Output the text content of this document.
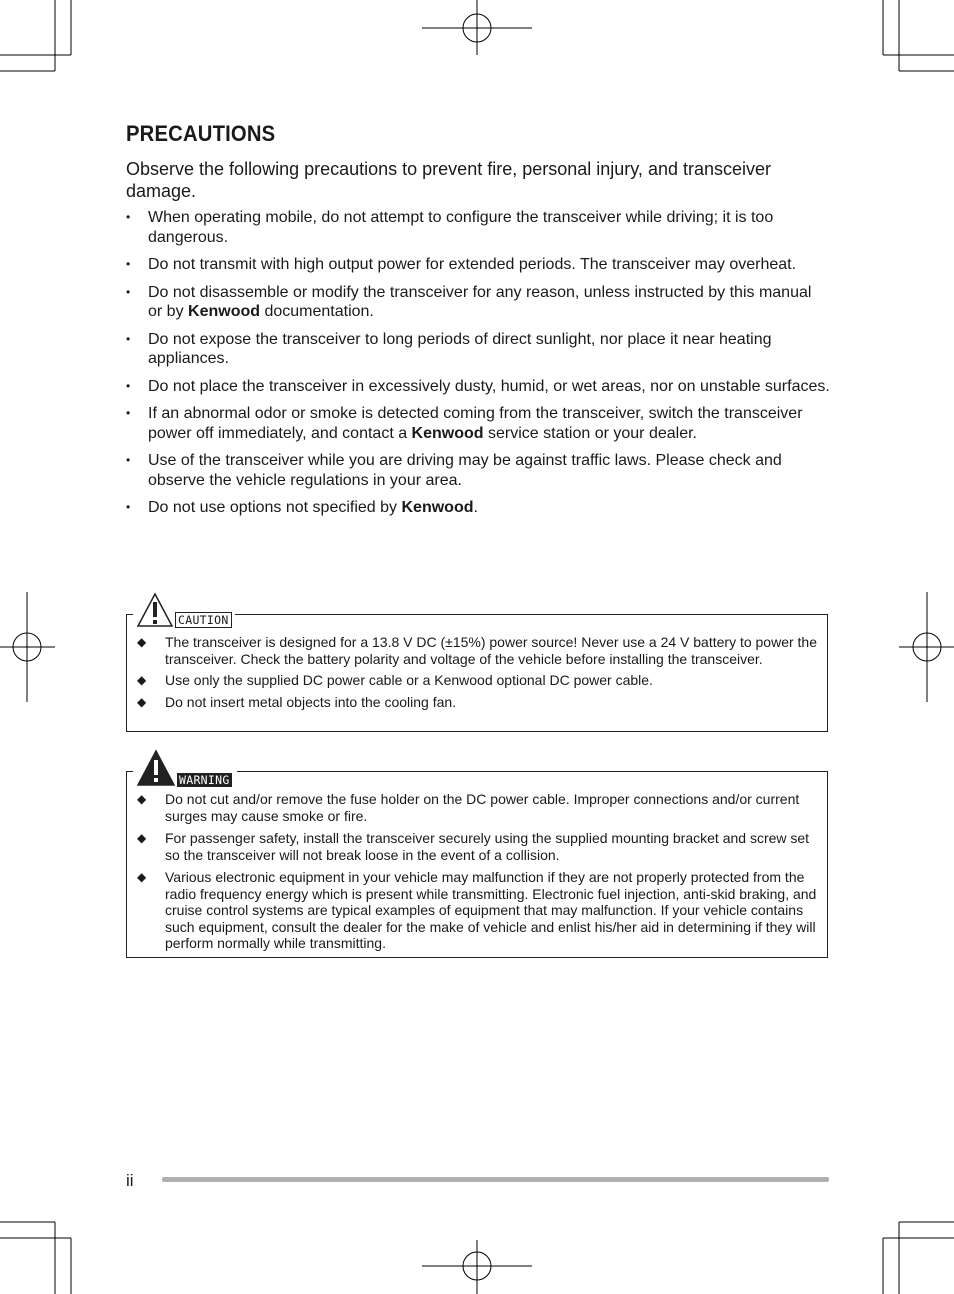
PRECAUTIONS

Observe the following precautions to prevent fire, personal injury, and transceiver damage.

• When operating mobile, do not attempt to configure the transceiver while driving; it is too dangerous.
• Do not transmit with high output power for extended periods. The transceiver may overheat.
• Do not disassemble or modify the transceiver for any reason, unless instructed by this manual or by Kenwood documentation.
• Do not expose the transceiver to long periods of direct sunlight, nor place it near heating appliances.
• Do not place the transceiver in excessively dusty, humid, or wet areas, nor on unstable surfaces.
• If an abnormal odor or smoke is detected coming from the transceiver, switch the transceiver power off immediately, and contact a Kenwood service station or your dealer.
• Use of the transceiver while you are driving may be against traffic laws. Please check and observe the vehicle regulations in your area.
• Do not use options not specified by Kenwood.
CAUTION
◆ The transceiver is designed for a 13.8 V DC (±15%) power source! Never use a 24 V battery to power the transceiver. Check the battery polarity and voltage of the vehicle before installing the transceiver.
◆ Use only the supplied DC power cable or a Kenwood optional DC power cable.
◆ Do not insert metal objects into the cooling fan.
WARNING
◆ Do not cut and/or remove the fuse holder on the DC power cable. Improper connections and/or current surges may cause smoke or fire.
◆ For passenger safety, install the transceiver securely using the supplied mounting bracket and screw set so the transceiver will not break loose in the event of a collision.
◆ Various electronic equipment in your vehicle may malfunction if they are not properly protected from the radio frequency energy which is present while transmitting. Electronic fuel injection, anti-skid braking, and cruise control systems are typical examples of equipment that may malfunction. If your vehicle contains such equipment, consult the dealer for the make of vehicle and enlist his/her aid in determining if they will perform normally while transmitting.
ii
